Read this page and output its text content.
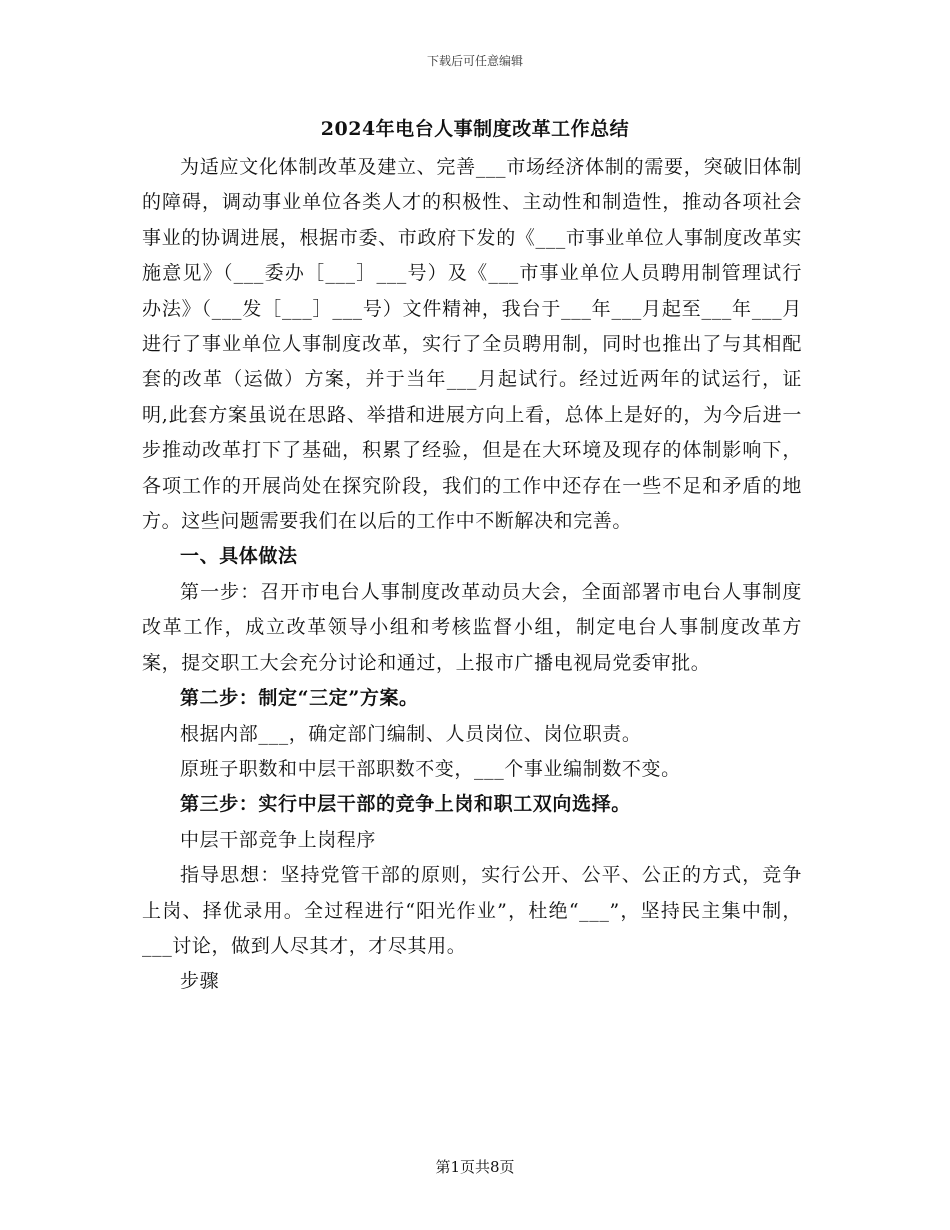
下载后可任意编辑
2024年电台人事制度改革工作总结

为适应文化体制改革及建立、完善___市场经济体制的需要，突破旧体制的障碍，调动事业单位各类人才的积极性、主动性和制造性，推动各项社会事业的协调进展，根据市委、市政府下发的《___市事业单位人事制度改革实施意见》（___委办［___］___号）及《___市事业单位人员聘用制管理试行办法》（___发［___］___号）文件精神，我台于___年___月起至___年___月进行了事业单位人事制度改革，实行了全员聘用制，同时也推出了与其相配套的改革（运做）方案，并于当年___月起试行。经过近两年的试运行，证明,此套方案虽说在思路、举措和进展方向上看，总体上是好的，为今后进一步推动改革打下了基础，积累了经验，但是在大环境及现存的体制影响下，各项工作的开展尚处在探究阶段，我们的工作中还存在一些不足和矛盾的地方。这些问题需要我们在以后的工作中不断解决和完善。

一、具体做法

第一步：召开市电台人事制度改革动员大会，全面部署市电台人事制度改革工作，成立改革领导小组和考核监督小组，制定电台人事制度改革方案，提交职工大会充分讨论和通过，上报市广播电视局党委审批。

第二步：制定“三定”方案。

根据内部___，确定部门编制、人员岗位、岗位职责。

原班子职数和中层干部职数不变，___个事业编制数不变。

第三步：实行中层干部的竞争上岗和职工双向选择。

中层干部竞争上岗程序

指导思想：坚持党管干部的原则，实行公开、公平、公正的方式，竞争上岗、择优录用。全过程进行“阳光作业”，杜绝“___”，坚持民主集中制，___讨论，做到人尽其才，才尽其用。

步骤

第1页共8页
